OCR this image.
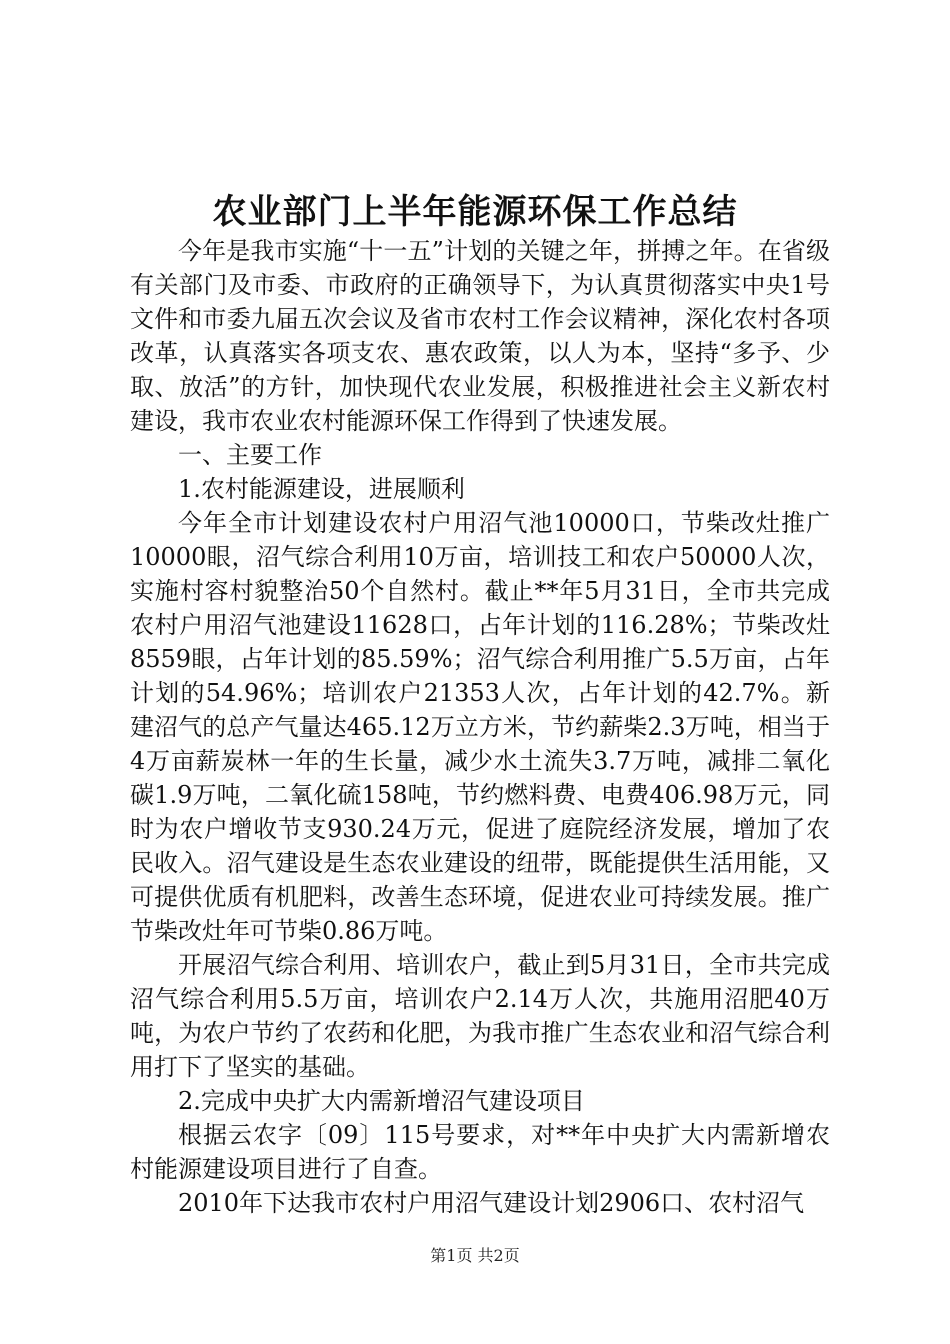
农业部门上半年能源环保工作总结

今年是我市实施“十一五”计划的关键之年，拼搏之年。在省级有关部门及市委、市政府的正确领导下，为认真贯彻落实中央1号文件和市委九届五次会议及省市农村工作会议精神，深化农村各项改革，认真落实各项支农、惠农政策，以人为本，坚持“多予、少取、放活”的方针，加快现代农业发展，积极推进社会主义新农村建设，我市农业农村能源环保工作得到了快速发展。

一、主要工作

1.农村能源建设，进展顺利

今年全市计划建设农村户用沼气池10000口，节柴改灶推广10000眼，沼气综合利用10万亩，培训技工和农户50000人次，实施村容村貌整治50个自然村。截止**年5月31日，全市共完成农村户用沼气池建设11628口，占年计划的116.28%；节柴改灶8559眼，占年计划的85.59%；沼气综合利用推广5.5万亩，占年计划的54.96%；培训农户21353人次，占年计划的42.7%。新建沼气的总产气量达465.12万立方米，节约薪柴2.3万吨，相当于4万亩薪炭林一年的生长量，减少水土流失3.7万吨，减排二氧化碳1.9万吨，二氧化硫158吨，节约燃料费、电费406.98万元，同时为农户增收节支930.24万元，促进了庭院经济发展，增加了农民收入。沼气建设是生态农业建设的纽带，既能提供生活用能，又可提供优质有机肥料，改善生态环境，促进农业可持续发展。推广节柴改灶年可节柴0.86万吨。

开展沼气综合利用、培训农户，截止到5月31日，全市共完成沼气综合利用5.5万亩，培训农户2.14万人次，共施用沼肥40万吨，为农户节约了农药和化肥，为我市推广生态农业和沼气综合利用打下了坚实的基础。

2.完成中央扩大内需新增沼气建设项目

根据云农字〔09〕115号要求，对**年中央扩大内需新增农村能源建设项目进行了自查。

2010年下达我市农村户用沼气建设计划2906口、农村沼气

第1页 共2页
